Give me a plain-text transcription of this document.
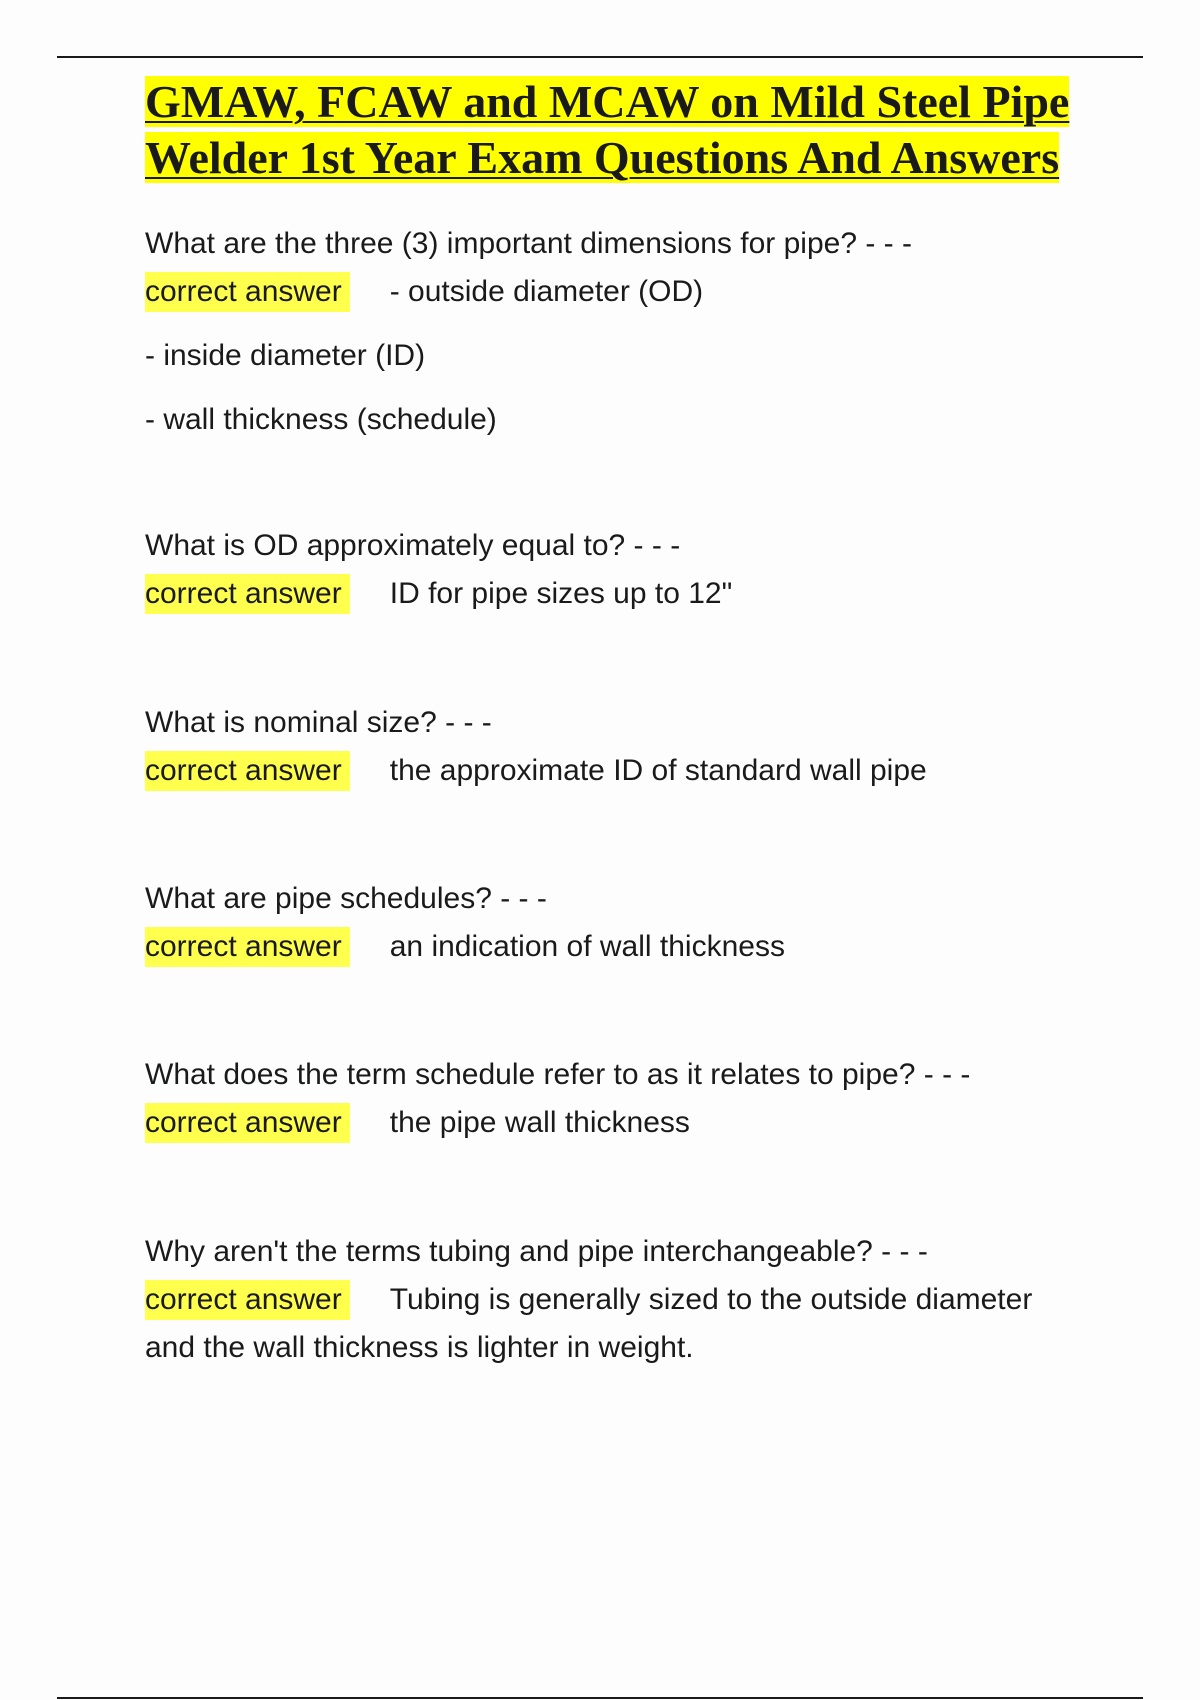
GMAW, FCAW and MCAW on Mild Steel Pipe Welder 1st Year Exam Questions And Answers

What are the three (3) important dimensions for pipe? - - -

correct answer - outside diameter (OD)

- inside diameter (ID)

- wall thickness (schedule)

What is OD approximately equal to? - - -

correct answer ID for pipe sizes up to 12"

What is nominal size? - - -

correct answer the approximate ID of standard wall pipe

What are pipe schedules? - - -

correct answer an indication of wall thickness

What does the term schedule refer to as it relates to pipe? - - -

correct answer the pipe wall thickness

Why aren't the terms tubing and pipe interchangeable? - - -

correct answer Tubing is generally sized to the outside diameter and the wall thickness is lighter in weight.
